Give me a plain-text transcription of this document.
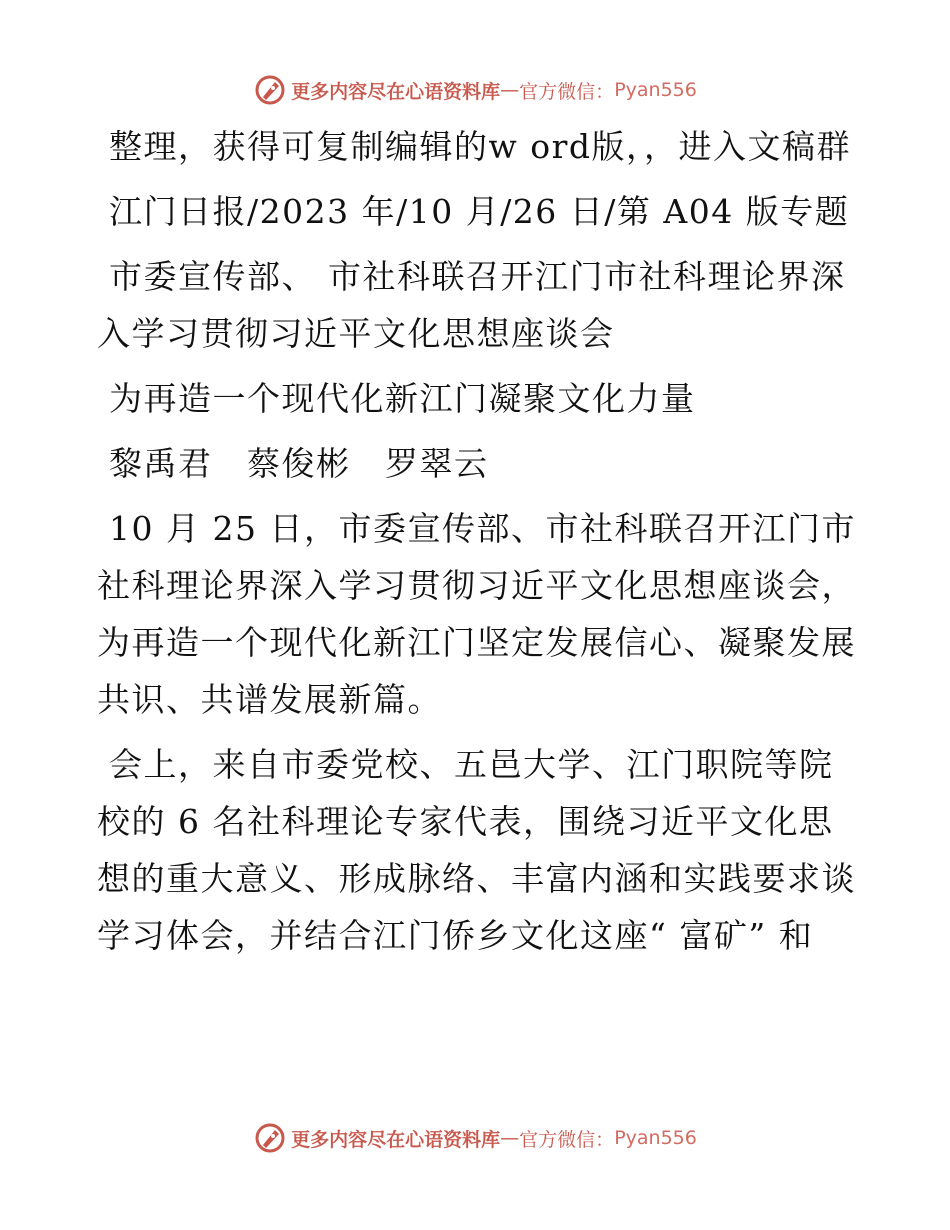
更多内容尽在心语资料库 — 官方微信： Pyan556

整理，获得可复制编辑的w ord版，，进入文稿群

江门日报/2023 年/10 月/26 日/第 A04 版专题

市委宣传部、 市社科联召开江门市社科理论界深入学习贯彻习近平文化思想座谈会

为再造一个现代化新江门凝聚文化力量

黎禹君　蔡俊彬　罗翠云

10 月 25 日，市委宣传部、市社科联召开江门市社科理论界深入学习贯彻习近平文化思想座谈会，为再造一个现代化新江门坚定发展信心、凝聚发展共识、共谱发展新篇。

会上，来自市委党校、五邑大学、江门职院等院校的 6 名社科理论专家代表，围绕习近平文化思想的重大意义、形成脉络、丰富内涵和实践要求谈学习体会，并结合江门侨乡文化这座“ 富矿” 和

更多内容尽在心语资料库 — 官方微信： Pyan556
